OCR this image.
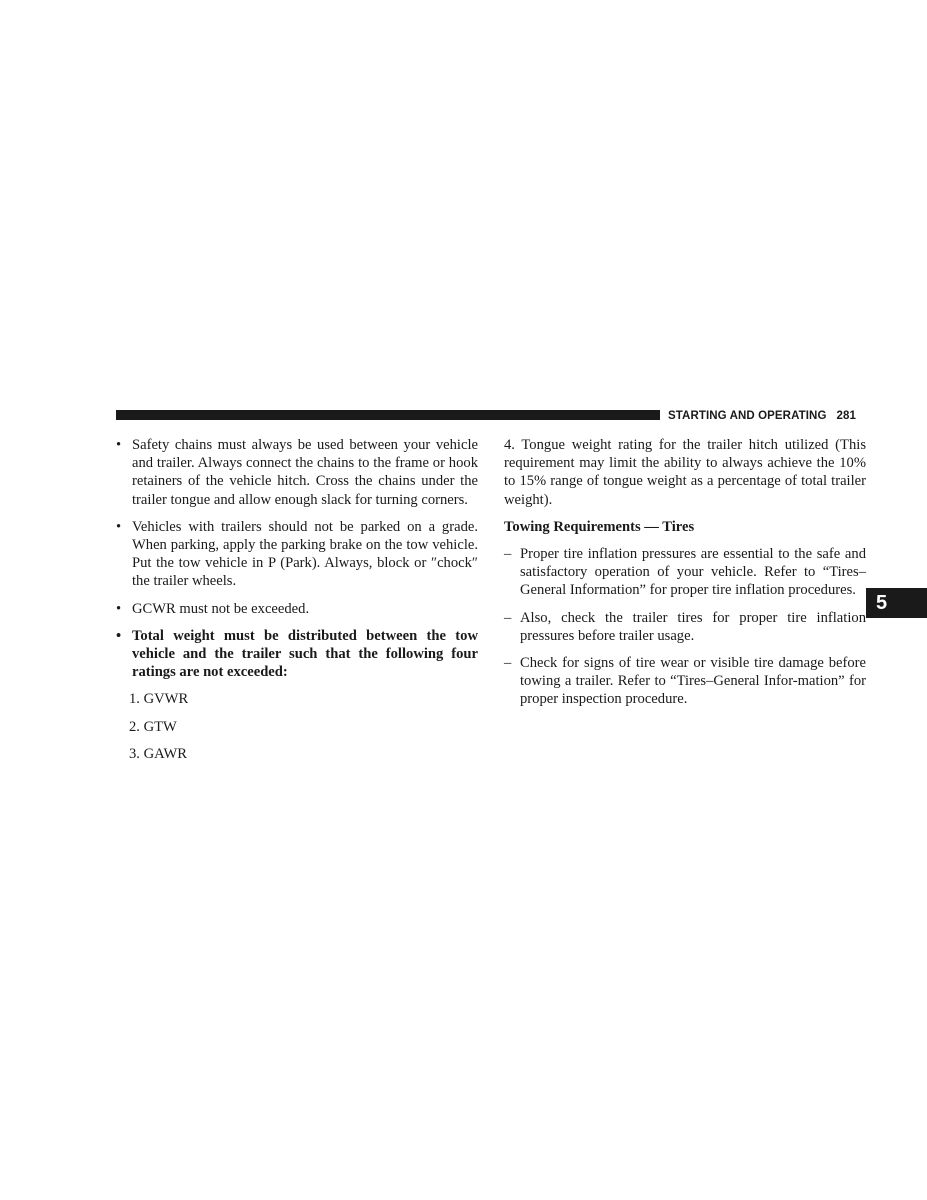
STARTING AND OPERATING 281
• Safety chains must always be used between your vehicle and trailer. Always connect the chains to the frame or hook retainers of the vehicle hitch. Cross the chains under the trailer tongue and allow enough slack for turning corners.
• Vehicles with trailers should not be parked on a grade. When parking, apply the parking brake on the tow vehicle. Put the tow vehicle in P (Park). Always, block or ″chock″ the trailer wheels.
• GCWR must not be exceeded.
• Total weight must be distributed between the tow vehicle and the trailer such that the following four ratings are not exceeded:
1. GVWR
2. GTW
3. GAWR
4. Tongue weight rating for the trailer hitch utilized (This requirement may limit the ability to always achieve the 10% to 15% range of tongue weight as a percentage of total trailer weight).
Towing Requirements — Tires
– Proper tire inflation pressures are essential to the safe and satisfactory operation of your vehicle. Refer to “Tires–General Information” for proper tire inflation procedures.
– Also, check the trailer tires for proper tire inflation pressures before trailer usage.
– Check for signs of tire wear or visible tire damage before towing a trailer. Refer to “Tires–General Infor-mation” for proper inspection procedure.
5
